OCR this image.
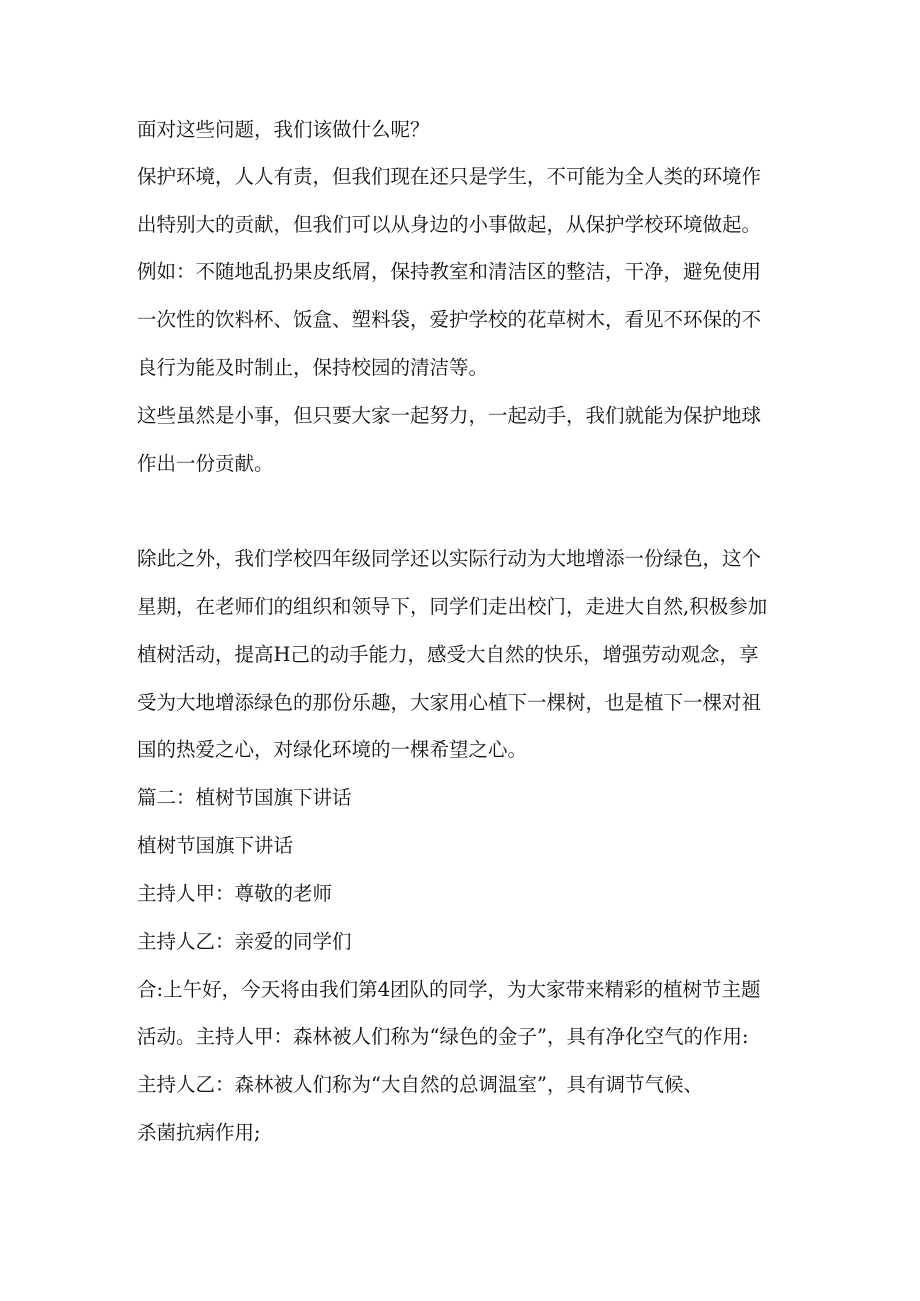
面对这些问题，我们该做什么呢？
保护环境，人人有责，但我们现在还只是学生，不可能为全人类的环境作
出特别大的贡献，但我们可以从身边的小事做起，从保护学校环境做起。
例如：不随地乱扔果皮纸屑，保持教室和清洁区的整洁，干净，避免使用
一次性的饮料杯、饭盒、塑料袋，爱护学校的花草树木，看见不环保的不
良行为能及时制止，保持校园的清洁等。
这些虽然是小事，但只要大家一起努力，一起动手，我们就能为保护地球
作出一份贡献。
除此之外，我们学校四年级同学还以实际行动为大地增添一份绿色，这个
星期，在老师们的组织和领导下，同学们走出校门，走进大自然,积极参加
植树活动，提高H己的动手能力，感受大自然的快乐，增强劳动观念，享
受为大地增添绿色的那份乐趣，大家用心植下一棵树，也是植下一棵对祖
国的热爱之心，对绿化环境的一棵希望之心。
篇二：植树节国旗下讲话
植树节国旗下讲话
主持人甲：尊敬的老师
主持人乙：亲爱的同学们
合:上午好，今天将由我们第4团队的同学，为大家带来精彩的植树节主题
活动。主持人甲：森林被人们称为“绿色的金子”，具有净化空气的作用:
主持人乙：森林被人们称为“大自然的总调温室”，具有调节气候、
杀菌抗病作用;
